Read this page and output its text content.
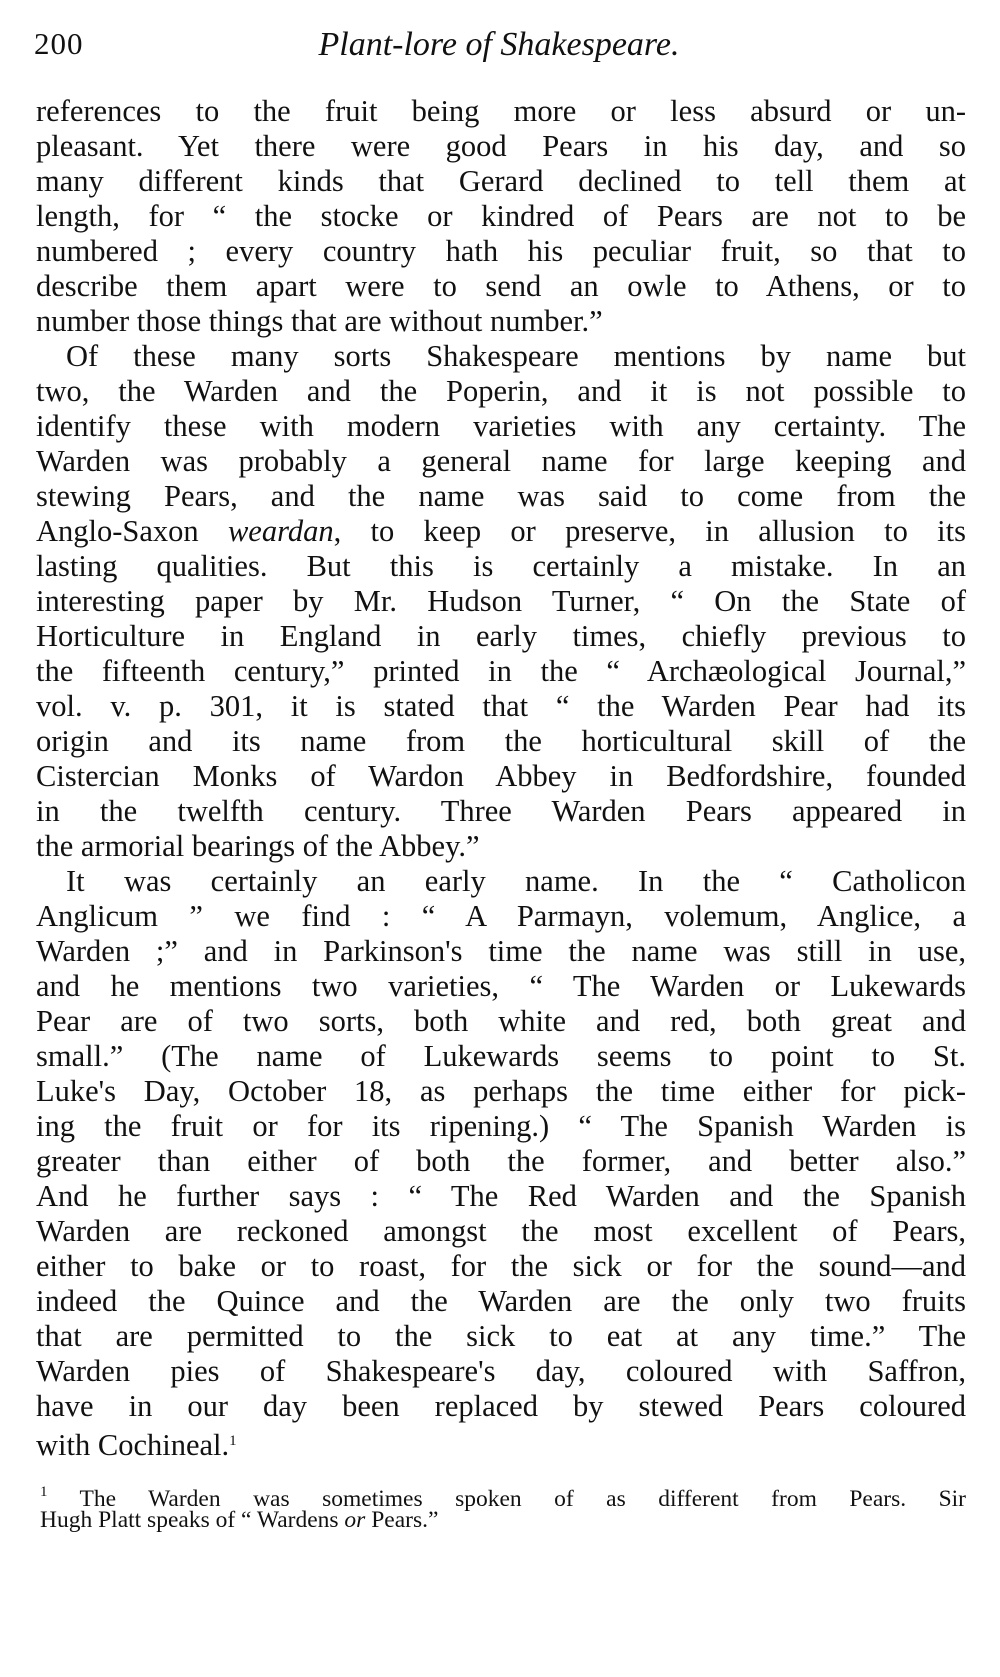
200	Plant-lore of Shakespeare.
references to the fruit being more or less absurd or un-
pleasant. Yet there were good Pears in his day, and so
many different kinds that Gerard declined to tell them at
length, for “ the stocke or kindred of Pears are not to be
numbered ; every country hath his peculiar fruit, so that to
describe them apart were to send an owle to Athens, or to
number those things that are without number.”
Of these many sorts Shakespeare mentions by name but
two, the Warden and the Poperin, and it is not possible to
identify these with modern varieties with any certainty. The
Warden was probably a general name for large keeping and
stewing Pears, and the name was said to come from the
Anglo-Saxon weardan, to keep or preserve, in allusion to its
lasting qualities. But this is certainly a mistake. In an
interesting paper by Mr. Hudson Turner, “ On the State of
Horticulture in England in early times, chiefly previous to
the fifteenth century,” printed in the “ Archæological Journal,”
vol. v. p. 301, it is stated that “ the Warden Pear had its
origin and its name from the horticultural skill of the
Cistercian Monks of Wardon Abbey in Bedfordshire, founded
in the twelfth century. Three Warden Pears appeared in
the armorial bearings of the Abbey.”
It was certainly an early name. In the “ Catholicon
Anglicum ” we find : “ A Parmayn, volemum, Anglice, a
Warden ;” and in Parkinson's time the name was still in use,
and he mentions two varieties, “ The Warden or Lukewards
Pear are of two sorts, both white and red, both great and
small.” (The name of Lukewards seems to point to St.
Luke's Day, October 18, as perhaps the time either for pick-
ing the fruit or for its ripening.) “ The Spanish Warden is
greater than either of both the former, and better also.”
And he further says : “ The Red Warden and the Spanish
Warden are reckoned amongst the most excellent of Pears,
either to bake or to roast, for the sick or for the sound—and
indeed the Quince and the Warden are the only two fruits
that are permitted to the sick to eat at any time.” The
Warden pies of Shakespeare's day, coloured with Saffron,
have in our day been replaced by stewed Pears coloured
with Cochineal.$^1$
$^1$ The Warden was sometimes spoken of as different from Pears. Sir
Hugh Platt speaks of “ Wardens or Pears.”
